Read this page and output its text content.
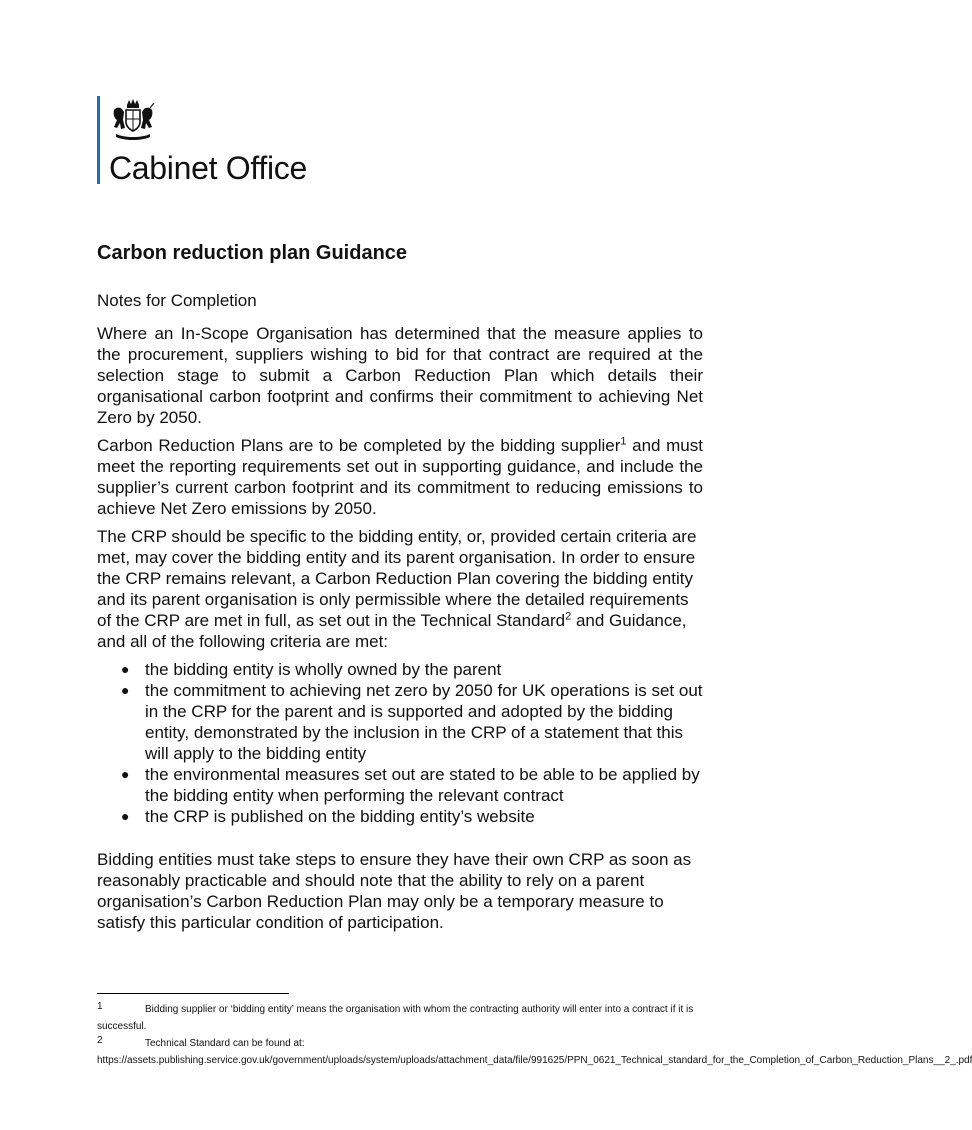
Cabinet Office
Carbon reduction plan Guidance
Notes for Completion

Where an In-Scope Organisation has determined that the measure applies to the procurement, suppliers wishing to bid for that contract are required at the selection stage to submit a Carbon Reduction Plan which details their organisational carbon footprint and confirms their commitment to achieving Net Zero by 2050.

Carbon Reduction Plans are to be completed by the bidding supplier$^1$ and must meet the reporting requirements set out in supporting guidance, and include the supplier’s current carbon footprint and its commitment to reducing emissions to achieve Net Zero emissions by 2050.

The CRP should be specific to the bidding entity, or, provided certain criteria are met, may cover the bidding entity and its parent organisation. In order to ensure the CRP remains relevant, a Carbon Reduction Plan covering the bidding entity and its parent organisation is only permissible where the detailed requirements of the CRP are met in full, as set out in the Technical Standard$^2$ and Guidance, and all of the following criteria are met:

● the bidding entity is wholly owned by the parent
● the commitment to achieving net zero by 2050 for UK operations is set out in the CRP for the parent and is supported and adopted by the bidding entity, demonstrated by the inclusion in the CRP of a statement that this will apply to the bidding entity
● the environmental measures set out are stated to be able to be applied by the bidding entity when performing the relevant contract
● the CRP is published on the bidding entity’s website

Bidding entities must take steps to ensure they have their own CRP as soon as reasonably practicable and should note that the ability to rely on a parent organisation’s Carbon Reduction Plan may only be a temporary measure to satisfy this particular condition of participation.

1	Bidding supplier or ‘bidding entity’ means the organisation with whom the contracting authority will enter into a contract if it is successful.
2	Technical Standard can be found at:
https://assets.publishing.service.gov.uk/government/uploads/system/uploads/attachment_data/file/991625/PPN_0621_Technical_standard_for_the_Completion_of_Carbon_Reduction_Plans__2_.pdf
